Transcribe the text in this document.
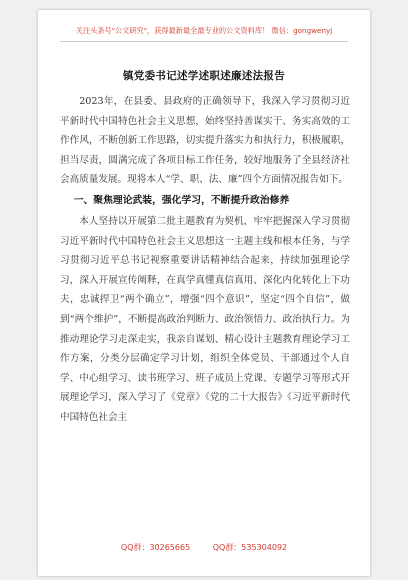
关注头条号"公文研究"，获得最新最全最专业的公文资料库！ 微信：gongwenyj
镇党委书记述学述职述廉述法报告

2023年，在县委、县政府的正确领导下，我深入学习贯彻习近平新时代中国特色社会主义思想，始终坚持善谋实干、务实高效的工作作风，不断创新工作思路，切实提升落实力和执行力，积极履职，担当尽责，圆满完成了各项目标工作任务，较好地服务了全县经济社会高质量发展。现将本人“学、职、法、廉”四个方面情况报告如下。

一、聚焦理论武装，强化学习，不断提升政治修养

本人坚持以开展第二批主题教育为契机，牢牢把握深入学习贯彻习近平新时代中国特色社会主义思想这一主题主线和根本任务，与学习贯彻习近平总书记视察重要讲话精神结合起来，持续加强理论学习，深入开展宣传阐释，在真学真懂真信真用、深化内化转化上下功夫，忠诚捍卫“两个确立”，增强“四个意识”，坚定“四个自信”，做到“两个维护”，不断提高政治判断力、政治领悟力、政治执行力。为推动理论学习走深走实，我亲自谋划、精心设计主题教育理论学习工作方案，分类分层确定学习计划，组织全体党员、干部通过个人自学、中心组学习、读书班学习、班子成员上党课、专题学习等形式开展理论学习，深入学习了《党章》《党的二十大报告》《习近平新时代中国特色社会主

QQ群：30265665	QQ群：535304092
